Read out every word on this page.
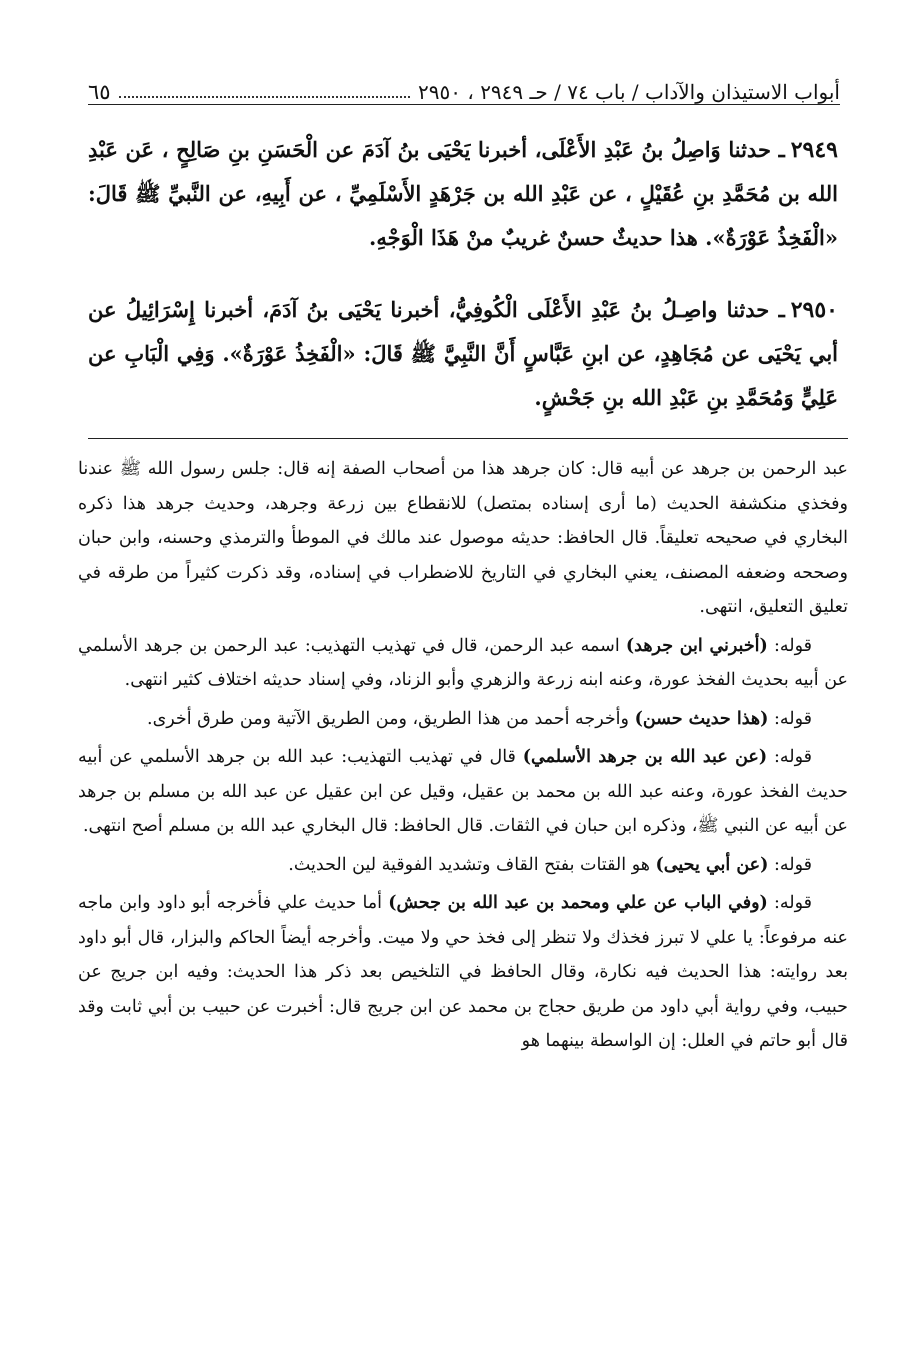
أبواب الاستيذان والآداب / باب ٧٤ / حـ ٢٩٤٩ ، ٢٩٥٠
٦٥
٢٩٤٩ـ حدثنا وَاصِلُ بنُ عَبْدِ الأَعْلَى، أخبرنا يَحْيَى بنُ آدَمَ عن الْحَسَنِ بنِ صَالِحٍ ، عَن عَبْدِ الله بن مُحَمَّدِ بنِ عُقَيْلٍ ، عن عَبْدِ الله بن جَرْهَدٍ الأَسْلَمِيِّ ، عن أَبِيهِ، عن النَّبيِّ ﷺ قَالَ: «الْفَخِذُ عَوْرَةٌ». هذا حديثٌ حسنٌ غريبٌ منْ هَذَا الْوَجْهِ.
٢٩٥٠ـ حدثنا واصِـلُ بنُ عَبْدِ الأَعْلَى الْكُوفِيُّ، أخبرنا يَحْيَى بنُ آدَمَ، أخبرنا إِسْرَائِيلُ عن أبي يَحْيَى عن مُجَاهِدٍ، عن ابنِ عَبَّاسٍ أَنَّ النَّبِيَّ ﷺ قَالَ: «الْفَخِذُ عَوْرَةٌ». وَفِي الْبَابِ عن عَلِيٍّ وَمُحَمَّدِ بنِ عَبْدِ الله بنِ جَحْشٍ.

عبد الرحمن بن جرهد عن أبيه قال: كان جرهد هذا من أصحاب الصفة إنه قال: جلس رسول الله ﷺ عندنا وفخذي منكشفة الحديث (ما أرى إسناده بمتصل) للانقطاع بين زرعة وجرهد، وحديث جرهد هذا ذكره البخاري في صحيحه تعليقاً. قال الحافظ: حديثه موصول عند مالك في الموطأ والترمذي وحسنه، وابن حبان وصححه وضعفه المصنف، يعني البخاري في التاريخ للاضطراب في إسناده، وقد ذكرت كثيراً من طرقه في تعليق التعليق، انتهى.

قوله: (أخبرني ابن جرهد) اسمه عبد الرحمن، قال في تهذيب التهذيب: عبد الرحمن بن جرهد الأسلمي عن أبيه بحديث الفخذ عورة، وعنه ابنه زرعة والزهري وأبو الزناد، وفي إسناد حديثه اختلاف كثير انتهى.

قوله: (هذا حديث حسن) وأخرجه أحمد من هذا الطريق، ومن الطريق الآتية ومن طرق أخرى.

قوله: (عن عبد الله بن جرهد الأسلمي) قال في تهذيب التهذيب: عبد الله بن جرهد الأسلمي عن أبيه حديث الفخذ عورة، وعنه عبد الله بن محمد بن عقيل، وقيل عن ابن عقيل عن عبد الله بن مسلم بن جرهد عن أبيه عن النبي ﷺ، وذكره ابن حبان في الثقات. قال الحافظ: قال البخاري عبد الله بن مسلم أصح انتهى.

قوله: (عن أبي يحيى) هو القتات بفتح القاف وتشديد الفوقية لين الحديث.

قوله: (وفي الباب عن علي ومحمد بن عبد الله بن جحش) أما حديث علي فأخرجه أبو داود وابن ماجه عنه مرفوعاً: يا علي لا تبرز فخذك ولا تنظر إلى فخذ حي ولا ميت. وأخرجه أيضاً الحاكم والبزار، قال أبو داود بعد روايته: هذا الحديث فيه نكارة، وقال الحافظ في التلخيص بعد ذكر هذا الحديث: وفيه ابن جريج عن حبيب، وفي رواية أبي داود من طريق حجاج بن محمد عن ابن جريج قال: أخبرت عن حبيب بن أبي ثابت وقد قال أبو حاتم في العلل: إن الواسطة بينهما هو
